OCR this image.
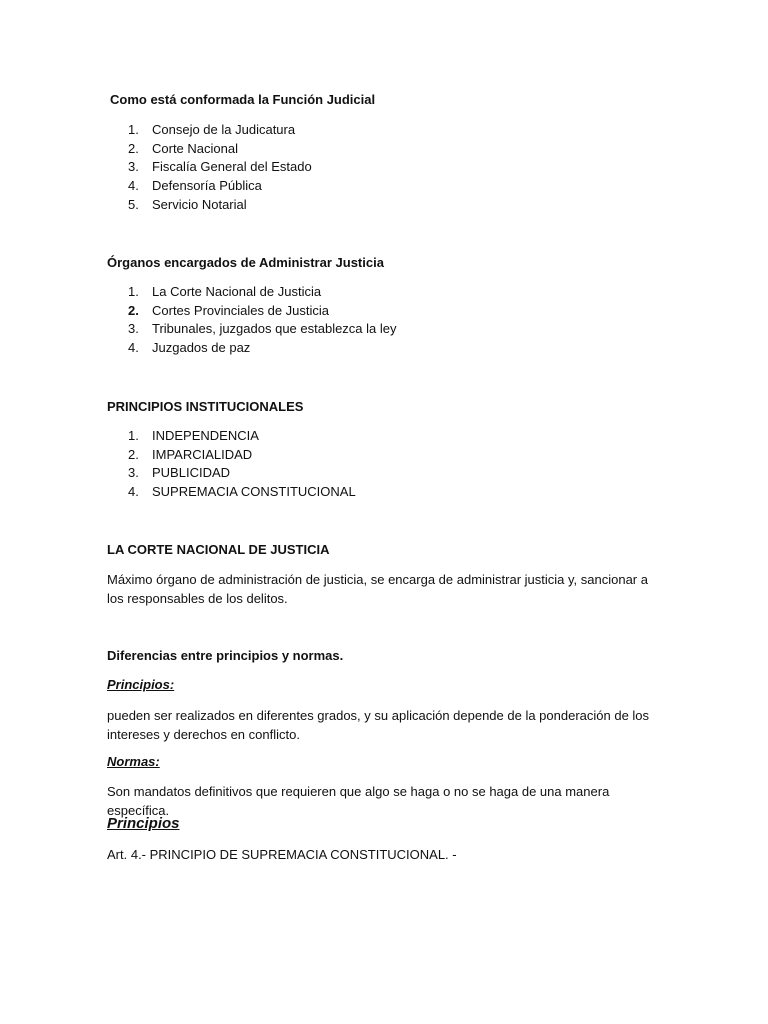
Como está conformada la Función Judicial

1. Consejo de la Judicatura
2. Corte Nacional
3. Fiscalía General del Estado
4. Defensoría Pública
5. Servicio Notarial

Órganos encargados de Administrar Justicia

1. La Corte Nacional de Justicia
2. Cortes Provinciales de Justicia
3. Tribunales, juzgados que establezca la ley
4. Juzgados de paz

PRINCIPIOS INSTITUCIONALES

1. INDEPENDENCIA
2. IMPARCIALIDAD
3. PUBLICIDAD
4. SUPREMACIA CONSTITUCIONAL

LA CORTE NACIONAL DE JUSTICIA

Máximo órgano de administración de justicia, se encarga de administrar justicia y, sancionar a los responsables de los delitos.

Diferencias entre principios y normas.

Principios:

pueden ser realizados en diferentes grados, y su aplicación depende de la ponderación de los intereses y derechos en conflicto.

Normas:

Son mandatos definitivos que requieren que algo se haga o no se haga de una manera específica.

Principios

Art. 4.- PRINCIPIO DE SUPREMACIA CONSTITUCIONAL. -
